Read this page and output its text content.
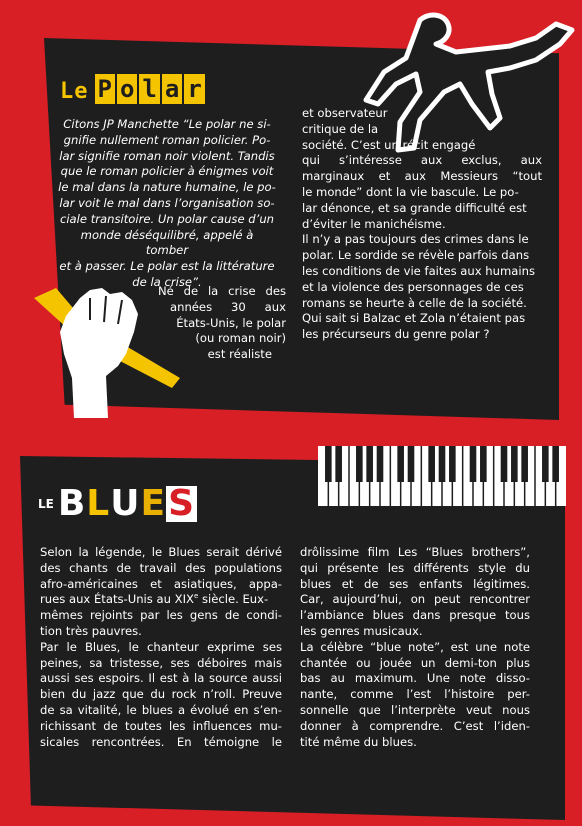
Le P o l a r
Citons JP Manchette “Le polar ne si-
gnifie nullement roman policier. Po-
lar signifie roman noir violent. Tandis
que le roman policier à énigmes voit
le mal dans la nature humaine, le po-
lar voit le mal dans l’organisation so-
ciale transitoire. Un polar cause d’un
monde déséquilibré, appelé à tomber
et à passer. Le polar est la littérature
de la crise”.
Né de la crise des
années 30 aux
États-Unis, le polar
(ou roman noir)
est réaliste
et observateur
critique de la
société. C’est un récit engagé
qui s’intéresse aux exclus, aux
marginaux et aux Messieurs “tout
le monde” dont la vie bascule. Le po-
lar dénonce, et sa grande difficulté est
d’éviter le manichéisme.
Il n’y a pas toujours des crimes dans le
polar. Le sordide se révèle parfois dans
les conditions de vie faites aux humains
et la violence des personnages de ces
romans se heurte à celle de la société.
Qui sait si Balzac et Zola n’étaient pas
les précurseurs du genre polar ?
LE B L U E S
Selon la légende, le Blues serait dérivé
des chants de travail des populations
afro-américaines et asiatiques, appa-
rues aux États-Unis au XIXe siècle. Eux-
mêmes rejoints par les gens de condi-
tion très pauvres.
Par le Blues, le chanteur exprime ses
peines, sa tristesse, ses déboires mais
aussi ses espoirs. Il est à la source aussi
bien du jazz que du rock n’roll. Preuve
de sa vitalité, le blues a évolué en s’en-
richissant de toutes les influences mu-
sicales rencontrées. En témoigne le
drôlissime film Les “Blues brothers”,
qui présente les différents style du
blues et de ses enfants légitimes.
Car, aujourd’hui, on peut rencontrer
l’ambiance blues dans presque tous
les genres musicaux.
La célèbre “blue note”, est une note
chantée ou jouée un demi-ton plus
bas au maximum. Une note disso-
nante, comme l’est l’histoire per-
sonnelle que l’interprète veut nous
donner à comprendre. C’est l’iden-
tité même du blues.
